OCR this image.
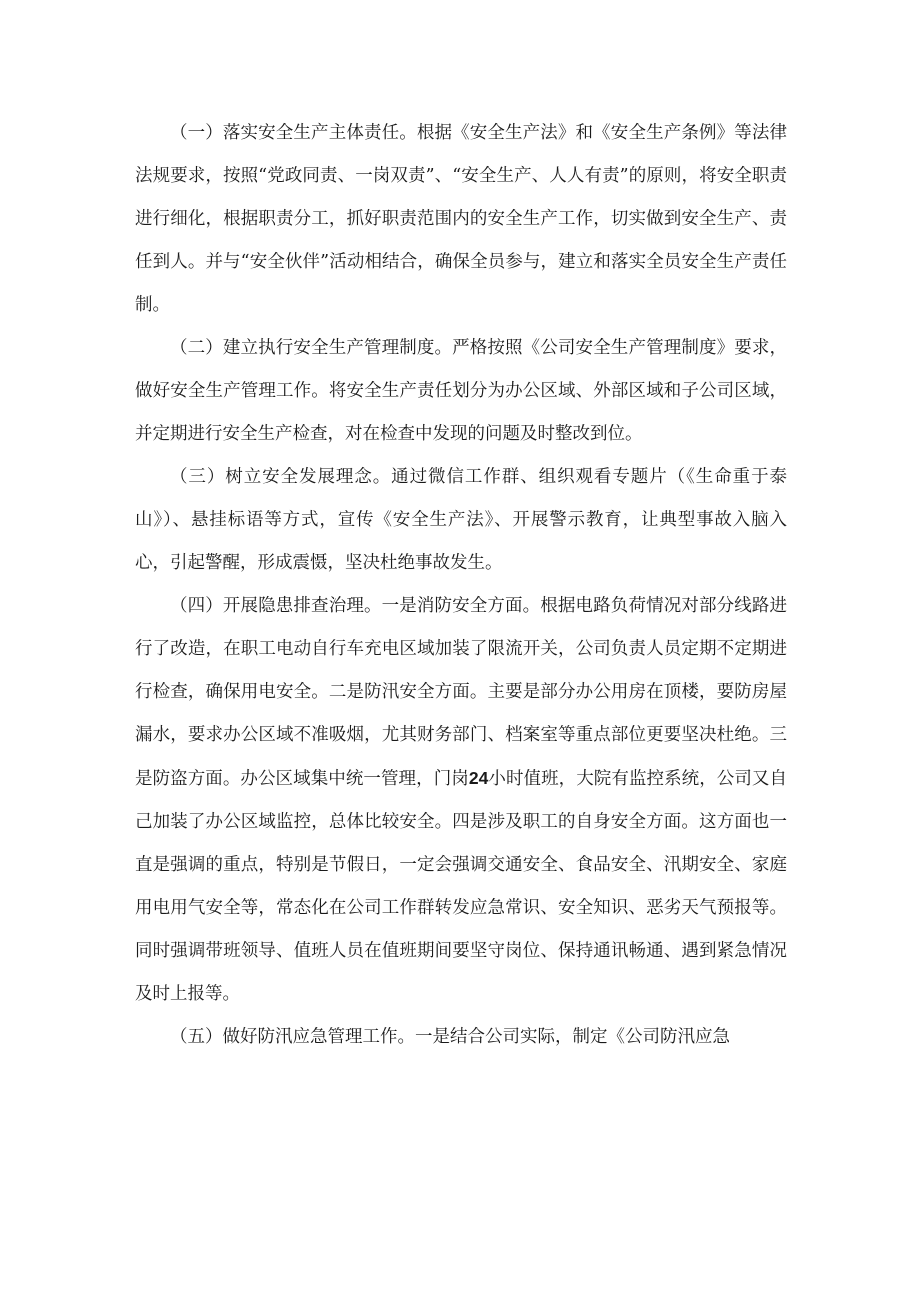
（一）落实安全生产主体责任。根据《安全生产法》和《安全生产条例》等法律法规要求，按照“党政同责、一岗双责”、“安全生产、人人有责”的原则，将安全职责进行细化，根据职责分工，抓好职责范围内的安全生产工作，切实做到安全生产、责任到人。并与“安全伙伴”活动相结合，确保全员参与，建立和落实全员安全生产责任制。

（二）建立执行安全生产管理制度。严格按照《公司安全生产管理制度》要求，做好安全生产管理工作。将安全生产责任划分为办公区域、外部区域和子公司区域，并定期进行安全生产检查，对在检查中发现的问题及时整改到位。

（三）树立安全发展理念。通过微信工作群、组织观看专题片（《生命重于泰山》）、悬挂标语等方式，宣传《安全生产法》、开展警示教育，让典型事故入脑入心，引起警醒，形成震慑，坚决杜绝事故发生。

（四）开展隐患排查治理。一是消防安全方面。根据电路负荷情况对部分线路进行了改造，在职工电动自行车充电区域加装了限流开关，公司负责人员定期不定期进行检查，确保用电安全。二是防汛安全方面。主要是部分办公用房在顶楼，要防房屋漏水，要求办公区域不准吸烟，尤其财务部门、档案室等重点部位更要坚决杜绝。三是防盗方面。办公区域集中统一管理，门岗24小时值班，大院有监控系统，公司又自己加装了办公区域监控，总体比较安全。四是涉及职工的自身安全方面。这方面也一直是强调的重点，特别是节假日，一定会强调交通安全、食品安全、汛期安全、家庭用电用气安全等，常态化在公司工作群转发应急常识、安全知识、恶劣天气预报等。同时强调带班领导、值班人员在值班期间要坚守岗位、保持通讯畅通、遇到紧急情况及时上报等。

（五）做好防汛应急管理工作。一是结合公司实际，制定《公司防汛应急
